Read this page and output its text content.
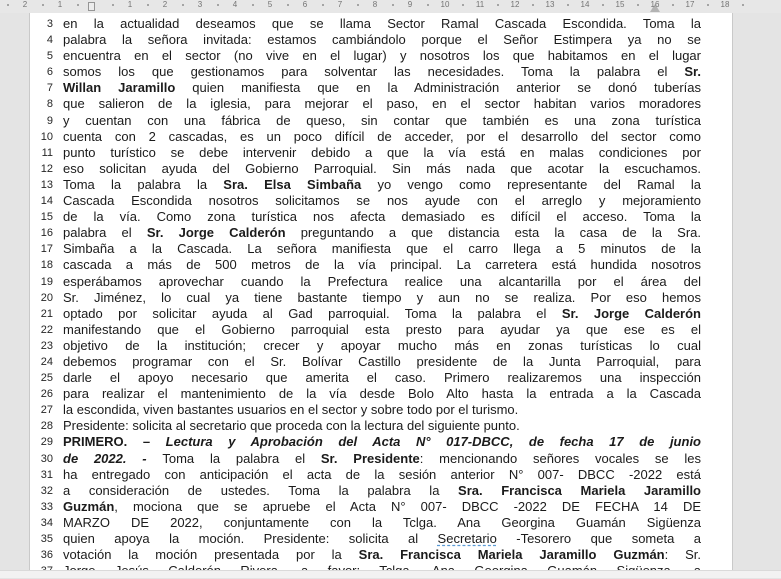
2	1	1	2	3	4	5	6	7	8	9	10	11	12	13	14	15	16	17	18
3 en la actualidad deseamos que se llama Sector Ramal Cascada Escondida. Toma la
4 palabra la señora invitada: estamos cambiándolo porque el Señor Estimpera ya no se
5 encuentra en el sector (no vive en el lugar) y nosotros los que habitamos en el lugar
6 somos los que gestionamos para solventar las necesidades. Toma la palabra el Sr.
7 Willan Jaramillo quien manifiesta que en la Administración anterior se donó tuberías
8 que salieron de la iglesia, para mejorar el paso, en el sector habitan varios moradores
9 y cuentan con una fábrica de queso, sin contar que también es una zona turística
10 cuenta con 2 cascadas, es un poco difícil de acceder, por el desarrollo del sector como
11 punto turístico se debe intervenir debido a que la vía está en malas condiciones por
12 eso solicitan ayuda del Gobierno Parroquial. Sin más nada que acotar la escuchamos.
13 Toma la palabra la Sra. Elsa Simbaña yo vengo como representante del Ramal la
14 Cascada Escondida nosotros solicitamos se nos ayude con el arreglo y mejoramiento
15 de la vía. Como zona turística nos afecta demasiado es difícil el acceso. Toma la
16 palabra el Sr. Jorge Calderón preguntando a que distancia esta la casa de la Sra.
17 Simbaña a la Cascada. La señora manifiesta que el carro llega a 5 minutos de la
18 cascada a más de 500 metros de la vía principal. La carretera está hundida nosotros
19 esperábamos aprovechar cuando la Prefectura realice una alcantarilla por el área del
20 Sr. Jiménez, lo cual ya tiene bastante tiempo y aun no se realiza. Por eso hemos
21 optado por solicitar ayuda al Gad parroquial. Toma la palabra el Sr. Jorge Calderón
22 manifestando que el Gobierno parroquial esta presto para ayudar ya que ese es el
23 objetivo de la institución; crecer y apoyar mucho más en zonas turísticas lo cual
24 debemos programar con el Sr. Bolívar Castillo presidente de la Junta Parroquial, para
25 darle el apoyo necesario que amerita el caso. Primero realizaremos una inspección
26 para realizar el mantenimiento de la vía desde Bolo Alto hasta la entrada a la Cascada
27 la escondida, viven bastantes usuarios en el sector y sobre todo por el turismo.
28 Presidente: solicita al secretario que proceda con la lectura del siguiente punto.
29 PRIMERO. – Lectura y Aprobación del Acta N° 017-DBCC, de fecha 17 de junio
30 de 2022. - Toma la palabra el Sr. Presidente: mencionando señores vocales se les
31 ha entregado con anticipación el acta de la sesión anterior N° 007- DBCC -2022 está
32 a consideración de ustedes. Toma la palabra la Sra. Francisca Mariela Jaramillo
33 Guzmán, mociona que se apruebe el Acta N° 007- DBCC -2022 DE FECHA 14 DE
34 MARZO DE 2022, conjuntamente con la Tclga. Ana Georgina Guamán Sigüenza
35 quien apoya la moción. Presidente: solicita al Secretario -Tesorero que someta a
36 votación la moción presentada por la Sra. Francisca Mariela Jaramillo Guzmán: Sr.
